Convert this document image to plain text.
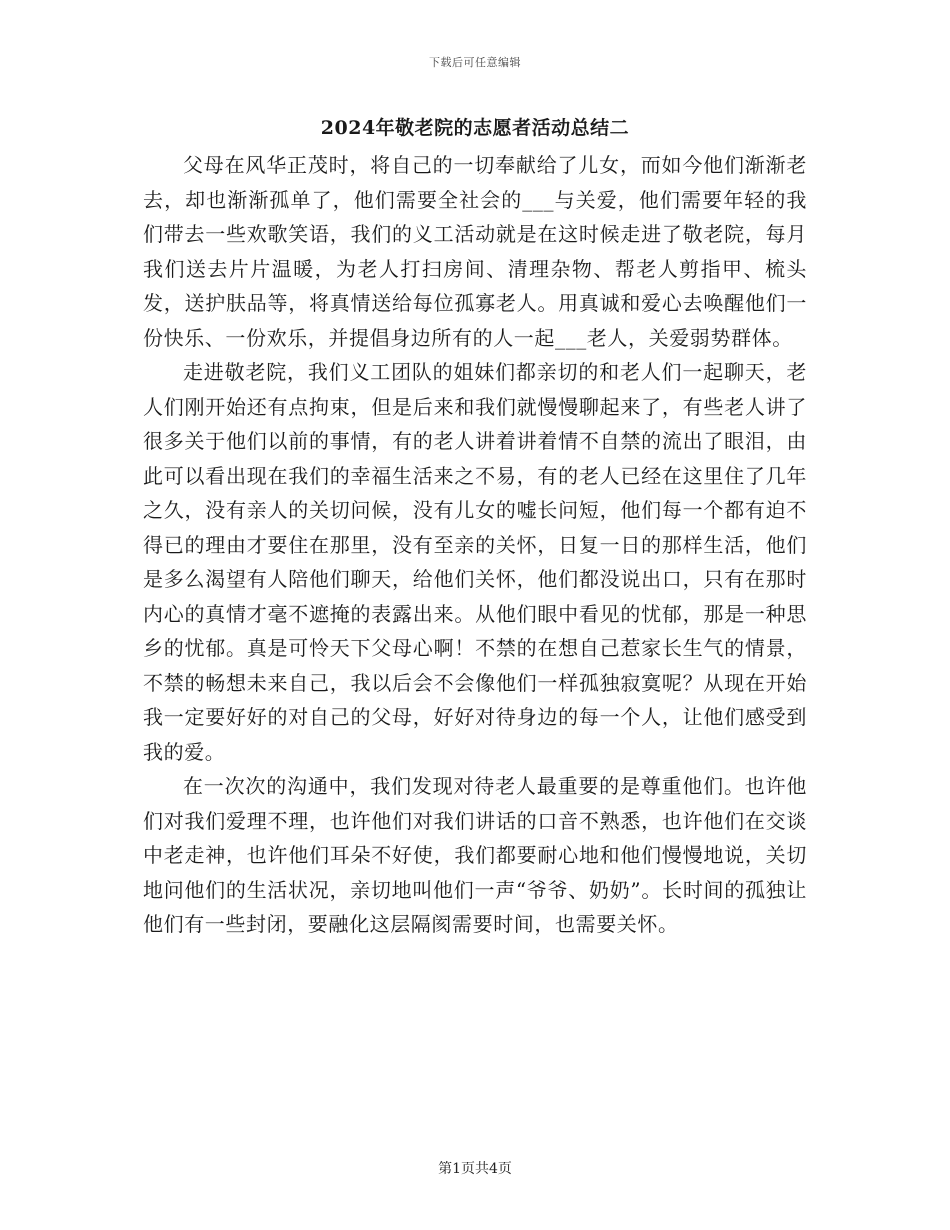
下载后可任意编辑
2024年敬老院的志愿者活动总结二

父母在风华正茂时，将自己的一切奉献给了儿女，而如今他们渐渐老去，却也渐渐孤单了，他们需要全社会的___与关爱，他们需要年轻的我们带去一些欢歌笑语，我们的义工活动就是在这时候走进了敬老院，每月我们送去片片温暖，为老人打扫房间、清理杂物、帮老人剪指甲、梳头发，送护肤品等，将真情送给每位孤寡老人。用真诚和爱心去唤醒他们一份快乐、一份欢乐，并提倡身边所有的人一起___老人，关爱弱势群体。

走进敬老院，我们义工团队的姐妹们都亲切的和老人们一起聊天，老人们刚开始还有点拘束，但是后来和我们就慢慢聊起来了，有些老人讲了很多关于他们以前的事情，有的老人讲着讲着情不自禁的流出了眼泪，由此可以看出现在我们的幸福生活来之不易，有的老人已经在这里住了几年之久，没有亲人的关切问候，没有儿女的嘘长问短，他们每一个都有迫不得已的理由才要住在那里，没有至亲的关怀，日复一日的那样生活，他们是多么渴望有人陪他们聊天，给他们关怀，他们都没说出口，只有在那时内心的真情才毫不遮掩的表露出来。从他们眼中看见的忧郁，那是一种思乡的忧郁。真是可怜天下父母心啊！不禁的在想自己惹家长生气的情景，不禁的畅想未来自己，我以后会不会像他们一样孤独寂寞呢？从现在开始我一定要好好的对自己的父母，好好对待身边的每一个人，让他们感受到我的爱。

在一次次的沟通中，我们发现对待老人最重要的是尊重他们。也许他们对我们爱理不理，也许他们对我们讲话的口音不熟悉，也许他们在交谈中老走神，也许他们耳朵不好使，我们都要耐心地和他们慢慢地说，关切地问他们的生活状况，亲切地叫他们一声“爷爷、奶奶”。长时间的孤独让他们有一些封闭，要融化这层隔阂需要时间，也需要关怀。

第1页共4页
